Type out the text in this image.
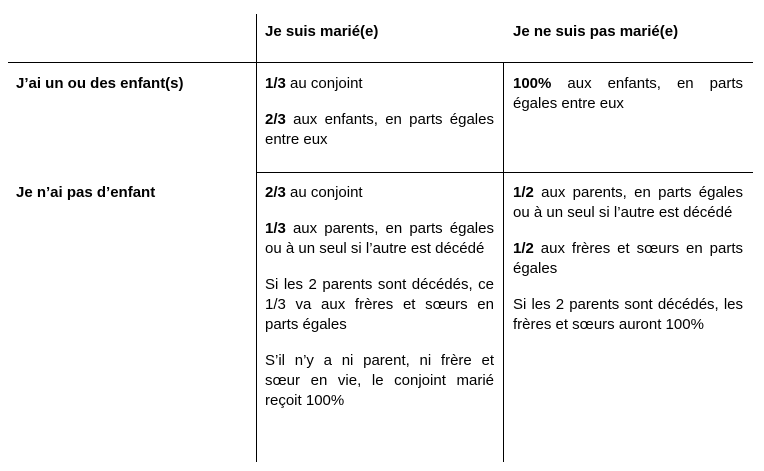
Je suis marié(e)	Je ne suis pas marié(e)
J’ai un ou des enfant(s)
Je n’ai pas d’enfant

1/3 au conjoint

2/3 aux enfants, en parts égales entre eux

100% aux enfants, en parts égales entre eux

2/3 au conjoint

1/3 aux parents, en parts égales ou à un seul si l’autre est décédé

Si les 2 parents sont décédés, ce 1/3 va aux frères et sœurs en parts égales

S’il n’y a ni parent, ni frère et sœur en vie, le conjoint marié reçoit 100%

1/2 aux parents, en parts égales ou à un seul si l’autre est décédé

1/2 aux frères et sœurs en parts égales

Si les 2 parents sont décédés, les frères et sœurs auront 100%
